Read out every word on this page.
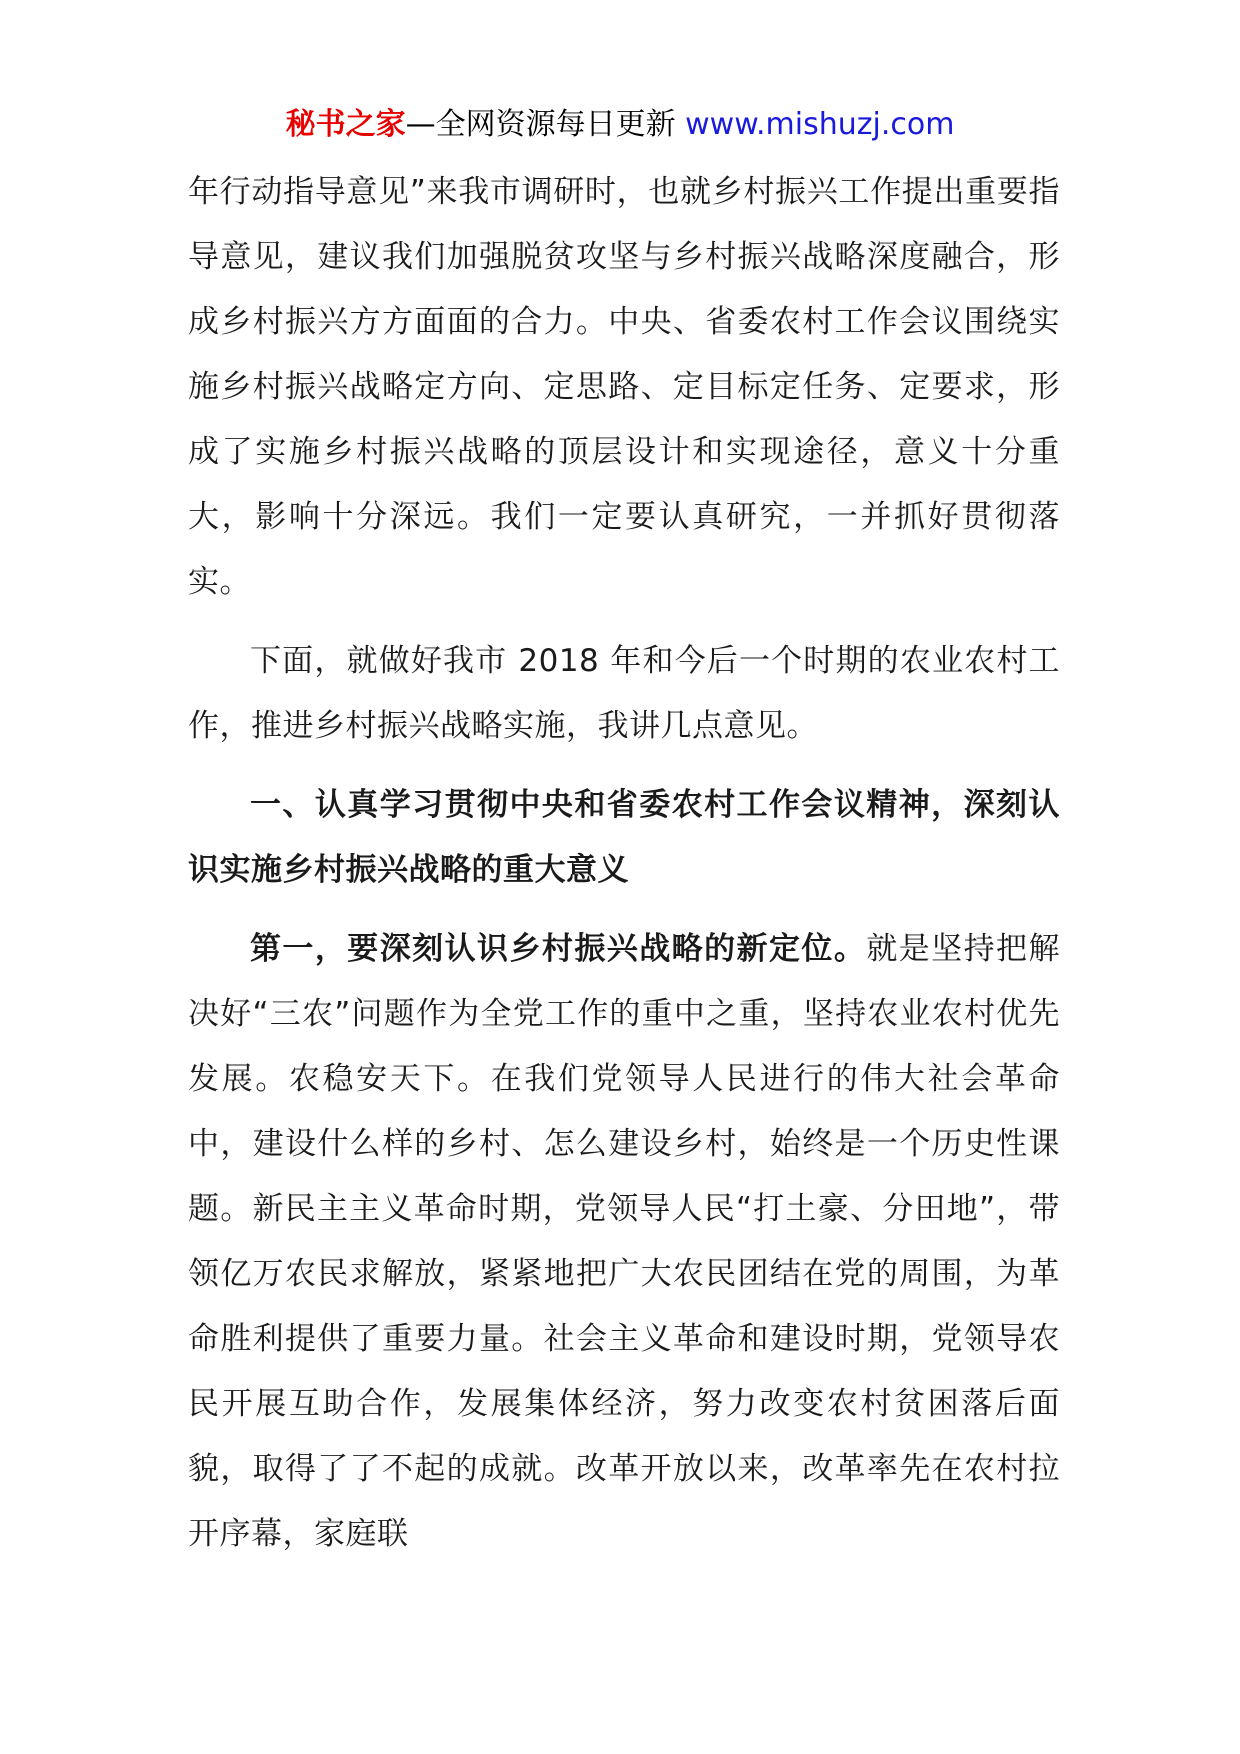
秘书之家—全网资源每日更新 www.mishuzj.com

年行动指导意见”来我市调研时，也就乡村振兴工作提出重要指导意见，建议我们加强脱贫攻坚与乡村振兴战略深度融合，形成乡村振兴方方面面的合力。中央、省委农村工作会议围绕实施乡村振兴战略定方向、定思路、定目标定任务、定要求，形成了实施乡村振兴战略的顶层设计和实现途径，意义十分重大，影响十分深远。我们一定要认真研究，一并抓好贯彻落实。

下面，就做好我市 2018 年和今后一个时期的农业农村工作，推进乡村振兴战略实施，我讲几点意见。

一、认真学习贯彻中央和省委农村工作会议精神，深刻认识实施乡村振兴战略的重大意义

第一，要深刻认识乡村振兴战略的新定位。就是坚持把解决好“三农”问题作为全党工作的重中之重，坚持农业农村优先发展。农稳安天下。在我们党领导人民进行的伟大社会革命中，建设什么样的乡村、怎么建设乡村，始终是一个历史性课题。新民主主义革命时期，党领导人民“打土豪、分田地”，带领亿万农民求解放，紧紧地把广大农民团结在党的周围，为革命胜利提供了重要力量。社会主义革命和建设时期，党领导农民开展互助合作，发展集体经济，努力改变农村贫困落后面貌，取得了了不起的成就。改革开放以来，改革率先在农村拉开序幕，家庭联
